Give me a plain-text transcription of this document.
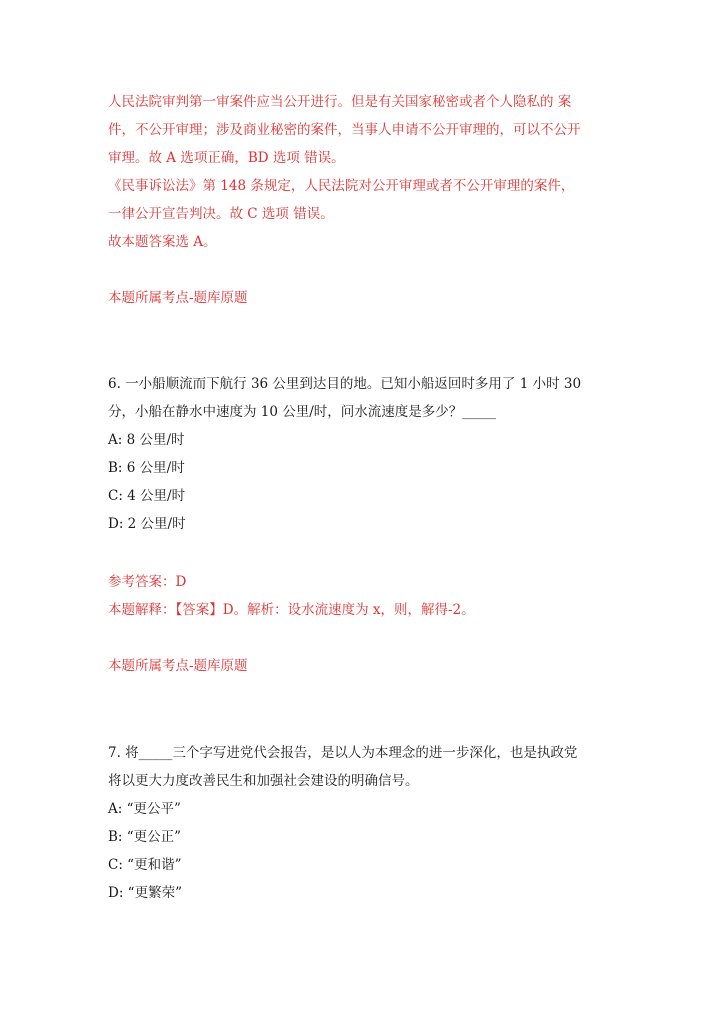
人民法院审判第一审案件应当公开进行。但是有关国家秘密或者个人隐私的 案
件，不公开审理；涉及商业秘密的案件，当事人申请不公开审理的，可以不公开
审理。故 A 选项正确，BD 选项 错误。
《民事诉讼法》第 148 条规定，人民法院对公开审理或者不公开审理的案件，
一律公开宣告判决。故 C 选项 错误。
故本题答案选 A。
本题所属考点-题库原题
6. 一小船顺流而下航行 36 公里到达目的地。已知小船返回时多用了 1 小时 30
分，小船在静水中速度为 10 公里/时，问水流速度是多少？_____
A: 8 公里/时
B: 6 公里/时
C: 4 公里/时
D: 2 公里/时
参考答案：D
本题解释：【答案】D。解析：设水流速度为 x，则，解得-2。
本题所属考点-题库原题
7. 将_____三个字写进党代会报告，是以人为本理念的进一步深化，也是执政党
将以更大力度改善民生和加强社会建设的明确信号。
A: “更公平”
B: “更公正”
C: “更和谐”
D: “更繁荣”
